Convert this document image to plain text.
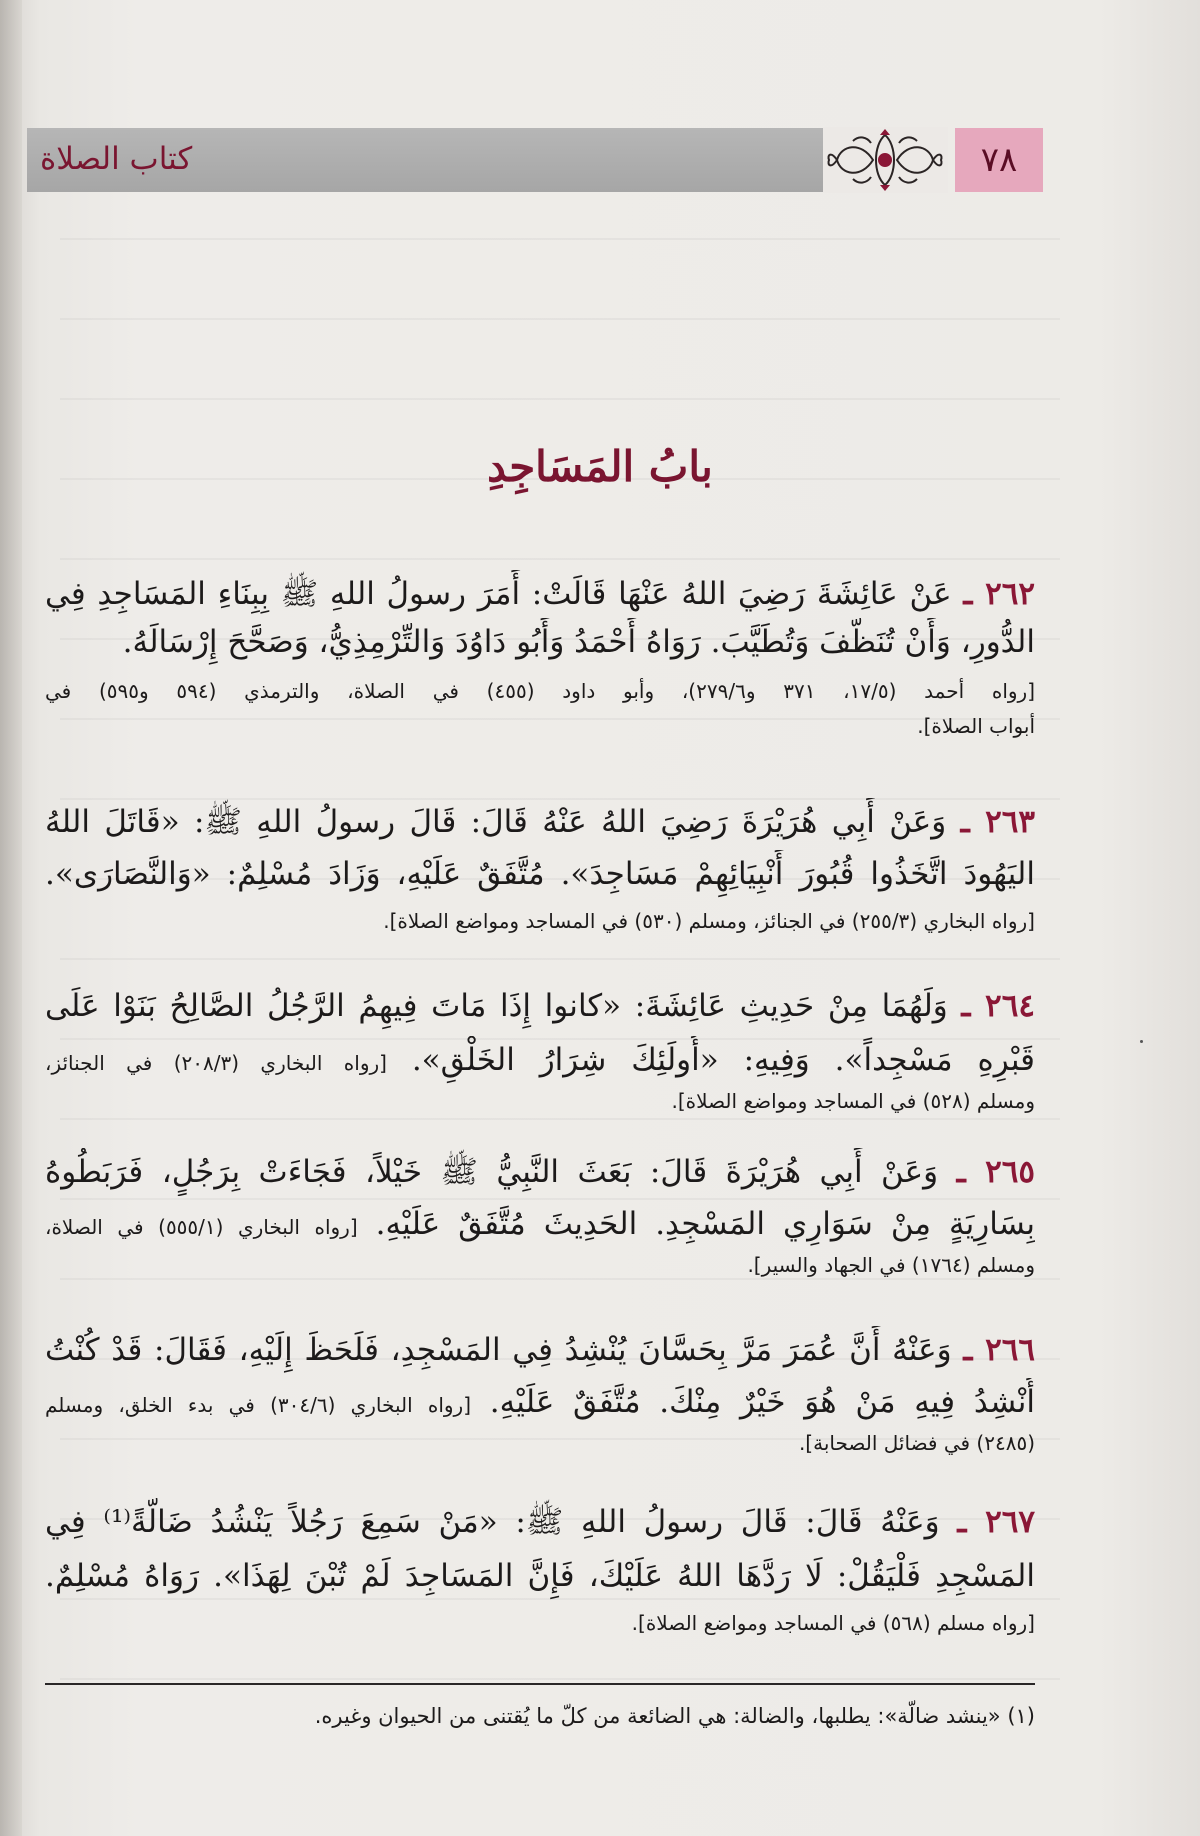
كتاب الصلاة	٧٨
بابُ المَسَاجِدِ
٢٦٢ ـ عَنْ عَائِشَةَ رَضِيَ اللهُ عَنْهَا قَالَتْ: أَمَرَ رسولُ اللهِ ﷺ بِبِنَاءِ المَسَاجِدِ فِي
الدُّورِ، وَأَنْ تُنَظَّفَ وَتُطَيَّبَ. رَوَاهُ أَحْمَدُ وَأَبُو دَاوُدَ وَالتِّرْمِذِيُّ، وَصَحَّحَ إِرْسَالَهُ.
[رواه أحمد (١٧/٥، ٣٧١ و٢٧٩/٦)، وأبو داود (٤٥٥) في الصلاة، والترمذي (٥٩٤ و٥٩٥) في
أبواب الصلاة].
٢٦٣ ـ وَعَنْ أَبِي هُرَيْرَةَ رَضِيَ اللهُ عَنْهُ قَالَ: قَالَ رسولُ اللهِ ﷺ: «قَاتَلَ اللهُ
اليَهُودَ اتَّخَذُوا قُبُورَ أَنْبِيَائِهِمْ مَسَاجِدَ». مُتَّفَقٌ عَلَيْهِ، وَزَادَ مُسْلِمٌ: «وَالنَّصَارَى».
[رواه البخاري (٢٥٥/٣) في الجنائز، ومسلم (٥٣٠) في المساجد ومواضع الصلاة].
٢٦٤ ـ وَلَهُمَا مِنْ حَدِيثِ عَائِشَةَ: «كانوا إِذَا مَاتَ فِيهِمُ الرَّجُلُ الصَّالِحُ بَنَوْا عَلَى
قَبْرِهِ مَسْجِداً». وَفِيهِ: «أُولَئِكَ شِرَارُ الخَلْقِ». [رواه البخاري (٢٠٨/٣) في الجنائز،
ومسلم (٥٢٨) في المساجد ومواضع الصلاة].
٢٦٥ ـ وَعَنْ أَبِي هُرَيْرَةَ قَالَ: بَعَثَ النَّبِيُّ ﷺ خَيْلاً، فَجَاءَتْ بِرَجُلٍ، فَرَبَطُوهُ
بِسَارِيَةٍ مِنْ سَوَارِي المَسْجِدِ. الحَدِيثَ مُتَّفَقٌ عَلَيْهِ. [رواه البخاري (٥٥٥/١) في الصلاة،
ومسلم (١٧٦٤) في الجهاد والسير].
٢٦٦ ـ وَعَنْهُ أَنَّ عُمَرَ مَرَّ بِحَسَّانَ يُنْشِدُ فِي المَسْجِدِ، فَلَحَظَ إِلَيْهِ، فَقَالَ: قَدْ كُنْتُ
أُنْشِدُ فِيهِ مَنْ هُوَ خَيْرٌ مِنْكَ. مُتَّفَقٌ عَلَيْهِ. [رواه البخاري (٣٠٤/٦) في بدء الخلق، ومسلم
(٢٤٨٥) في فضائل الصحابة].
٢٦٧ ـ وَعَنْهُ قَالَ: قَالَ رسولُ اللهِ ﷺ: «مَنْ سَمِعَ رَجُلاً يَنْشُدُ ضَالَّةً⁽¹⁾ فِي
المَسْجِدِ فَلْيَقُلْ: لَا رَدَّهَا اللهُ عَلَيْكَ، فَإِنَّ المَسَاجِدَ لَمْ تُبْنَ لِهَذَا». رَوَاهُ مُسْلِمٌ.
[رواه مسلم (٥٦٨) في المساجد ومواضع الصلاة].
(١) «ينشد ضالّة»: يطلبها، والضالة: هي الضائعة من كلّ ما يُقتنى من الحيوان وغيره.
